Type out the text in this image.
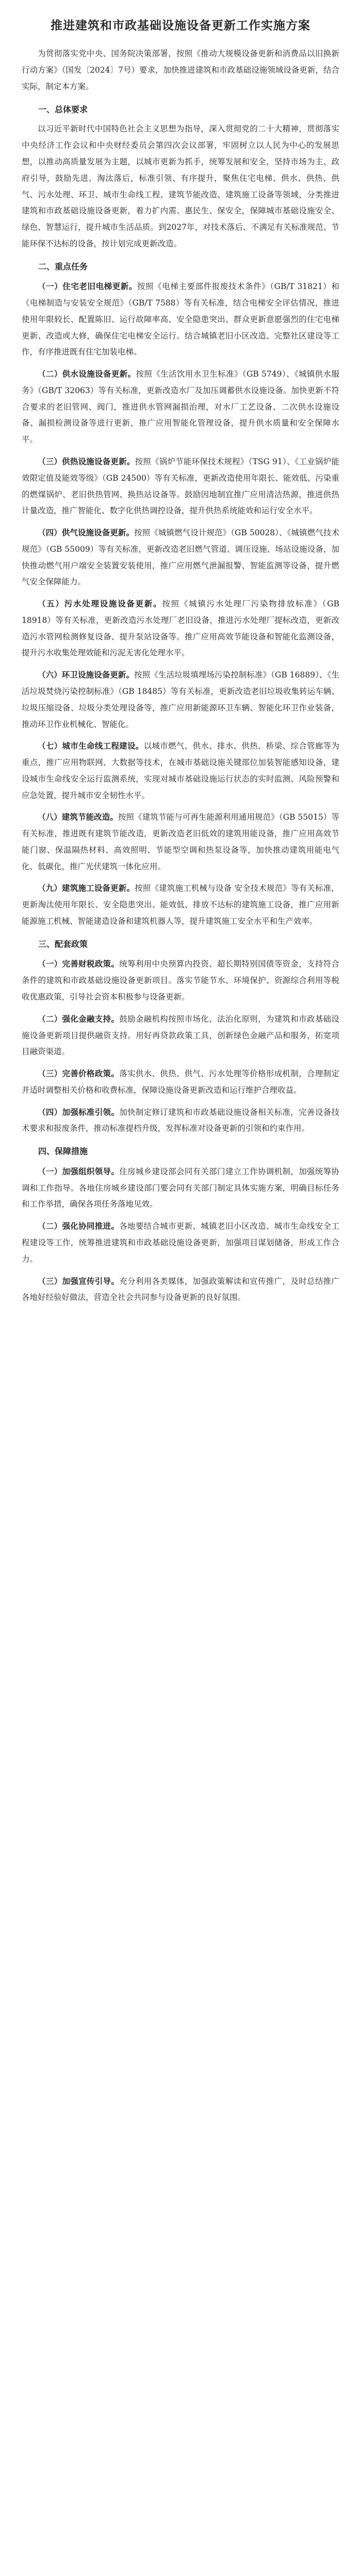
推进建筑和市政基础设施设备更新工作实施方案
为贯彻落实党中央、国务院决策部署，按照《推动大规模设备更新和消费品以旧换新行动方案》（国发〔2024〕7号）要求，加快推进建筑和市政基础设施领域设备更新，结合实际，制定本方案。
一、总体要求
以习近平新时代中国特色社会主义思想为指导，深入贯彻党的二十大精神，贯彻落实中央经济工作会议和中央财经委员会第四次会议部署，牢固树立以人民为中心的发展思想，以推动高质量发展为主题，以城市更新为抓手，统筹发展和安全，坚持市场为主、政府引导，鼓励先进、淘汰落后，标准引领、有序提升，聚焦住宅电梯、供水、供热、供气、污水处理、环卫、城市生命线工程、建筑节能改造、建筑施工设备等领域，分类推进建筑和市政基础设施设备更新，着力扩内需、惠民生、保安全，保障城市基础设施安全、绿色、智慧运行，提升城市生活品质。到2027年，对技术落后、不满足有关标准规范、节能环保不达标的设备，按计划完成更新改造。
二、重点任务
（一）住宅老旧电梯更新。按照《电梯主要部件报废技术条件》（GB/T 31821）和《电梯制造与安装安全规范》（GB/T 7588）等有关标准，结合电梯安全评估情况，推进使用年限较长、配置陈旧、运行故障率高、安全隐患突出、群众更新意愿强烈的住宅电梯更新、改造或大修，确保住宅电梯安全运行。结合城镇老旧小区改造、完整社区建设等工作，有序推进既有住宅加装电梯。
（二）供水设施设备更新。按照《生活饮用水卫生标准》（GB 5749）、《城镇供水服务》（GB/T 32063）等有关标准，更新改造水厂及加压调蓄供水设施设备。加快更新不符合要求的老旧管网、阀门，推进供水管网漏损治理，对水厂工艺设备、二次供水设施设备、漏损检测设备等进行更新，推广应用智能化管理设备，提升供水质量和安全保障水平。
（三）供热设施设备更新。按照《锅炉节能环保技术规程》（TSG 91）、《工业锅炉能效限定值及能效等级》（GB 24500）等有关标准，更新改造使用年限长、能效低、污染重的燃煤锅炉、老旧供热管网、换热站设备等。鼓励因地制宜推广应用清洁热源，推进供热计量改造，推广智能化、数字化供热调控设备，提升供热系统能效和运行安全水平。
（四）供气设施设备更新。按照《城镇燃气设计规范》（GB 50028）、《城镇燃气技术规范》（GB 55009）等有关标准，更新改造老旧燃气管道、调压设施、场站设施设备，加快推动燃气用户端安全装置安装使用，推广应用燃气泄漏报警、智能监测等设备，提升燃气安全保障能力。
（五）污水处理设施设备更新。按照《城镇污水处理厂污染物排放标准》（GB 18918）等有关标准，更新改造污水处理厂老旧设备，推进污水处理厂提标改造，更新改造污水管网检测修复设备、提升泵站设备等。推广应用高效节能设备和智能化监测设备，提升污水收集处理效能和污泥无害化处理水平。
（六）环卫设施设备更新。按照《生活垃圾填埋场污染控制标准》（GB 16889）、《生活垃圾焚烧污染控制标准》（GB 18485）等有关标准，更新改造老旧垃圾收集转运车辆、垃圾压缩设备、垃圾分类处理设备等，推广应用新能源环卫车辆、智能化环卫作业装备，推动环卫作业机械化、智能化。
（七）城市生命线工程建设。以城市燃气、供水、排水、供热、桥梁、综合管廊等为重点，推广应用物联网、大数据等技术，在城市基础设施关键部位加装智能感知设备，建设城市生命线安全运行监测系统，实现对城市基础设施运行状态的实时监测、风险预警和应急处置，提升城市安全韧性水平。
（八）建筑节能改造。按照《建筑节能与可再生能源利用通用规范》（GB 55015）等有关标准，推进既有建筑节能改造，更新改造老旧低效的建筑用能设备，推广应用高效节能门窗、保温隔热材料、高效照明、节能型空调和热泵设备等，加快推动建筑用能电气化、低碳化，推广光伏建筑一体化应用。
（九）建筑施工设备更新。按照《建筑施工机械与设备 安全技术规范》等有关标准，更新淘汰使用年限长、安全隐患突出、能效低、排放不达标的建筑施工设备，推广应用新能源施工机械、智能建造设备和建筑机器人等，提升建筑施工安全水平和生产效率。
三、配套政策
（一）完善财税政策。统筹利用中央预算内投资、超长期特别国债等资金，支持符合条件的建筑和市政基础设施设备更新项目。落实节能节水、环境保护、资源综合利用等税收优惠政策，引导社会资本积极参与设备更新。
（二）强化金融支持。鼓励金融机构按照市场化、法治化原则，为建筑和市政基础设施设备更新项目提供融资支持。用好再贷款政策工具，创新绿色金融产品和服务，拓宽项目融资渠道。
（三）完善价格政策。落实供水、供热、供气、污水处理等价格形成机制，合理制定并适时调整相关价格和收费标准，保障设施设备更新改造和运行维护合理收益。
（四）加强标准引领。加快制定修订建筑和市政基础设施设备相关标准，完善设备技术要求和报废条件，推动标准提档升级，发挥标准对设备更新的引领和约束作用。
四、保障措施
（一）加强组织领导。住房城乡建设部会同有关部门建立工作协调机制，加强统筹协调和工作指导。各地住房城乡建设部门要会同有关部门制定具体实施方案，明确目标任务和工作举措，确保各项任务落地见效。
（二）强化协同推进。各地要结合城市更新、城镇老旧小区改造、城市生命线安全工程建设等工作，统筹推进建筑和市政基础设施设备更新，加强项目谋划储备，形成工作合力。
（三）加强宣传引导。充分利用各类媒体，加强政策解读和宣传推广，及时总结推广各地好经验好做法，营造全社会共同参与设备更新的良好氛围。
